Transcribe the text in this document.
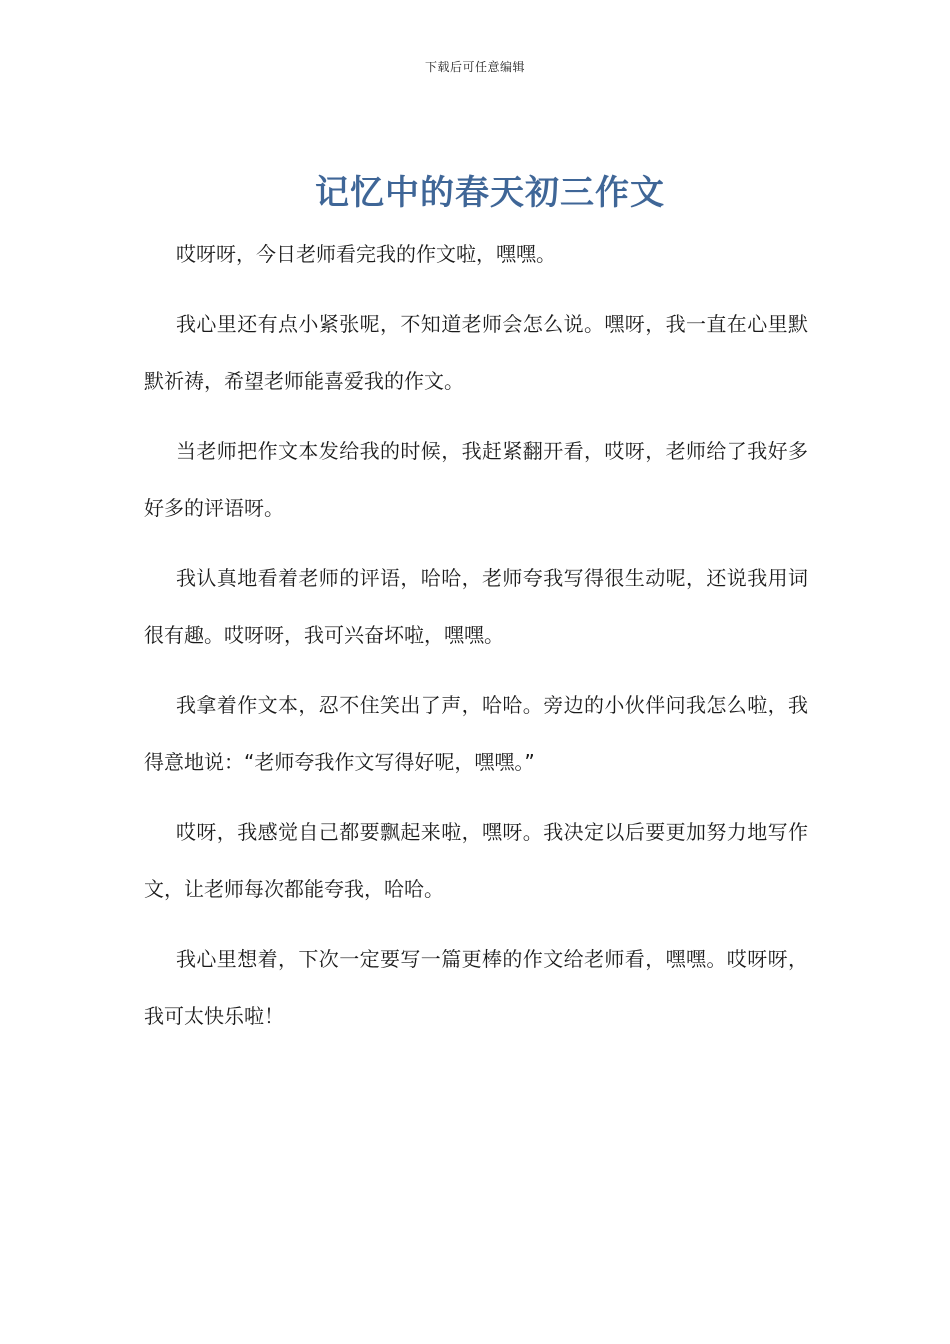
下载后可任意编辑
记忆中的春天初三作文

哎呀呀，今日老师看完我的作文啦，嘿嘿。

我心里还有点小紧张呢，不知道老师会怎么说。嘿呀，我一直在心里默默祈祷，希望老师能喜爱我的作文。

当老师把作文本发给我的时候，我赶紧翻开看，哎呀，老师给了我好多好多的评语呀。

我认真地看着老师的评语，哈哈，老师夸我写得很生动呢，还说我用词很有趣。哎呀呀，我可兴奋坏啦，嘿嘿。

我拿着作文本，忍不住笑出了声，哈哈。旁边的小伙伴问我怎么啦，我得意地说：“老师夸我作文写得好呢，嘿嘿。”

哎呀，我感觉自己都要飘起来啦，嘿呀。我决定以后要更加努力地写作文，让老师每次都能夸我，哈哈。

我心里想着，下次一定要写一篇更棒的作文给老师看，嘿嘿。哎呀呀，我可太快乐啦！
